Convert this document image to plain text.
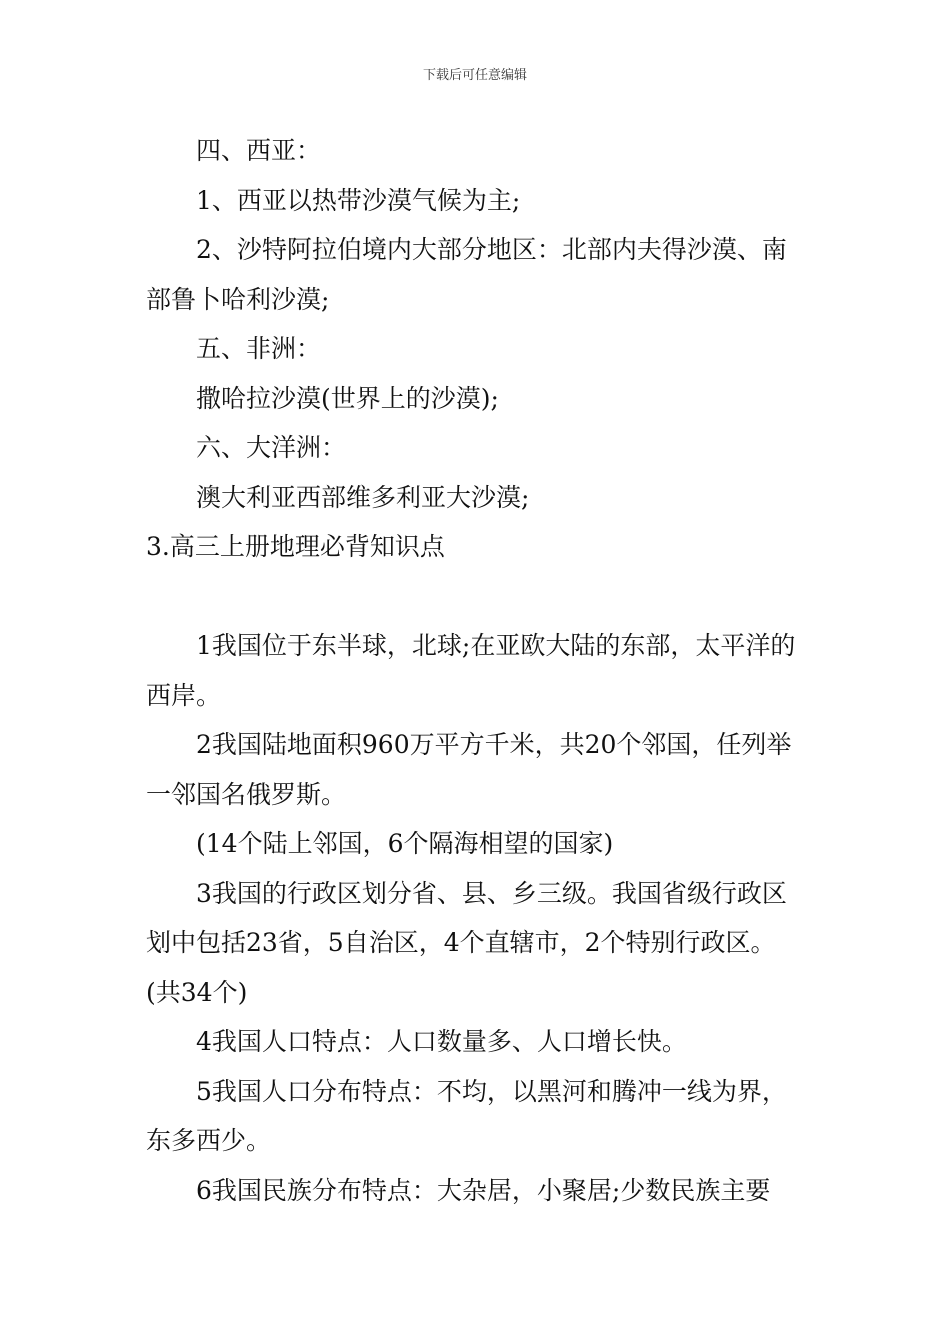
下载后可任意编辑

四、西亚：

1、西亚以热带沙漠气候为主;

2、沙特阿拉伯境内大部分地区：北部内夫得沙漠、南部鲁卜哈利沙漠;

五、非洲：

撒哈拉沙漠(世界上的沙漠);

六、大洋洲：

澳大利亚西部维多利亚大沙漠;

3.高三上册地理必背知识点

1我国位于东半球，北球;在亚欧大陆的东部，太平洋的西岸。

2我国陆地面积960万平方千米，共20个邻国，任列举一邻国名俄罗斯。

(14个陆上邻国，6个隔海相望的国家)

3我国的行政区划分省、县、乡三级。我国省级行政区划中包括23省，5自治区，4个直辖市，2个特别行政区。(共34个)

4我国人口特点：人口数量多、人口增长快。

5我国人口分布特点：不均，以黑河和腾冲一线为界，东多西少。

6我国民族分布特点：大杂居，小聚居;少数民族主要
